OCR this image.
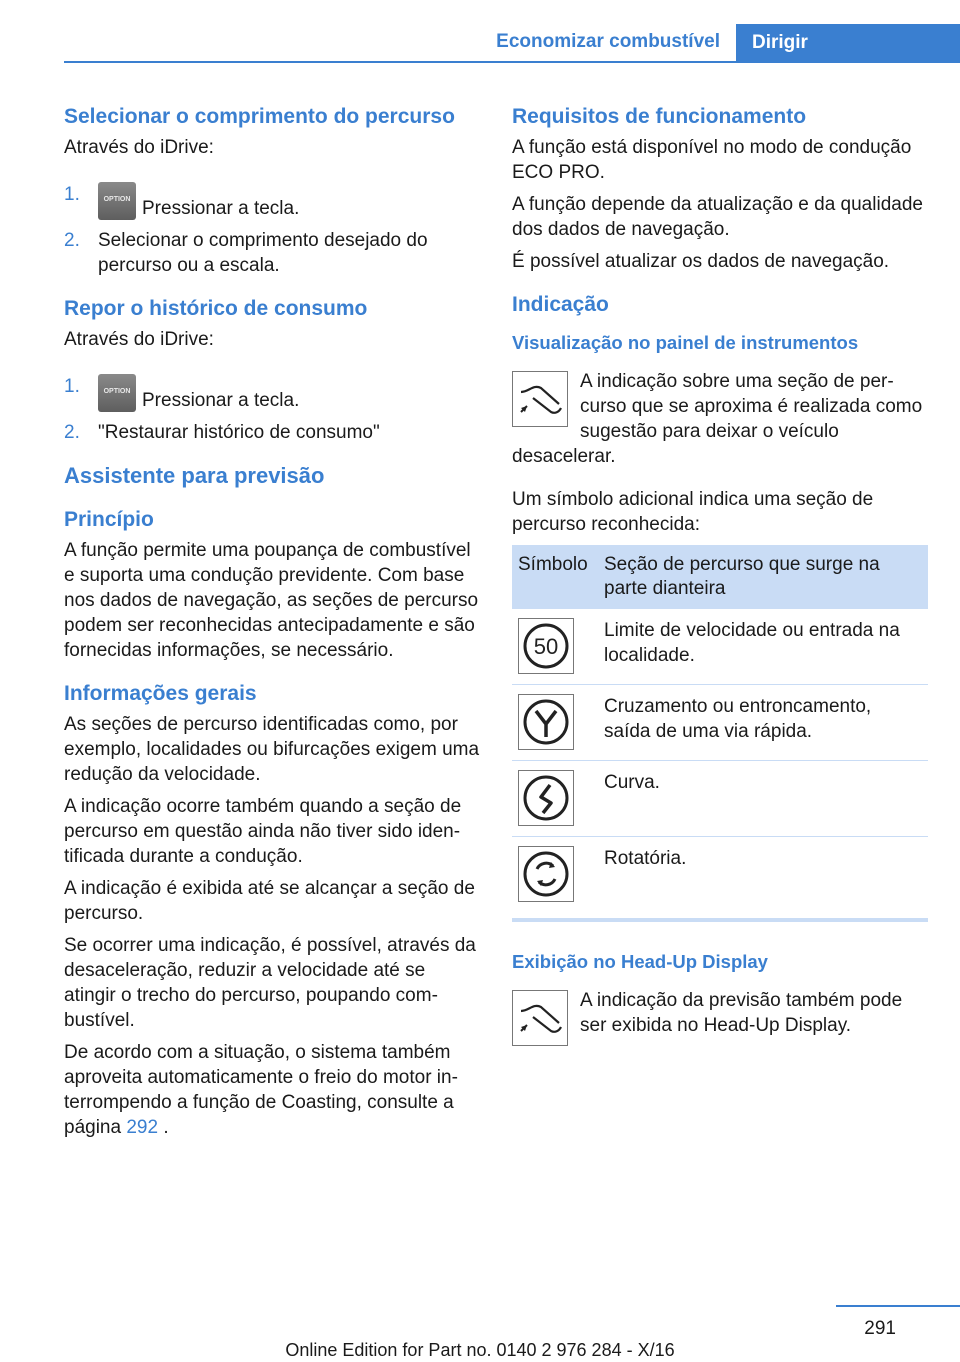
Economizar combustível	Dirigir
Selecionar o comprimento do percurso

Através do iDrive:

1.	OPTION Pressionar a tecla.
2. Selecionar o comprimento desejado do percurso ou a escala.
Repor o histórico de consumo

Através do iDrive:

1.	OPTION Pressionar a tecla.
2. "Restaurar histórico de consumo"
Assistente para previsão
Princípio

A função permite uma poupança de combustível e suporta uma condução previdente. Com base nos dados de navegação, as seções de percurso podem ser reconhecidas antecipadamente e são fornecidas informações, se necessário.

Informações gerais

As seções de percurso identificadas como, por exemplo, localidades ou bifurcações exigem uma redução da velocidade.

A indicação ocorre também quando a seção de percurso em questão ainda não tiver sido identificada durante a condução.

A indicação é exibida até se alcançar a seção de percurso.

Se ocorrer uma indicação, é possível, através da desaceleração, reduzir a velocidade até se atingir o trecho do percurso, poupando combustível.

De acordo com a situação, o sistema também aproveita automaticamente o freio do motor interrompendo a função de Coasting, consulte a página 292 .

Requisitos de funcionamento

A função está disponível no modo de condução ECO PRO.

A função depende da atualização e da qualidade dos dados de navegação.

É possível atualizar os dados de navegação.

Indicação
Visualização no painel de instrumentos

A indicação sobre uma seção de percurso que se aproxima é realizada como sugestão para deixar o veículo desacelerar.

Um símbolo adicional indica uma seção de percurso reconhecida:

Símbolo	Seção de percurso que surge na parte dianteira

50	Limite de velocidade ou entrada na localidade.

	Cruzamento ou entroncamento, saída de uma via rápida.

	Curva.

	Rotatória.
Exibição no Head-Up Display

A indicação da previsão também pode ser exibida no Head-Up Display.

291
Online Edition for Part no. 0140 2 976 284 - X/16
